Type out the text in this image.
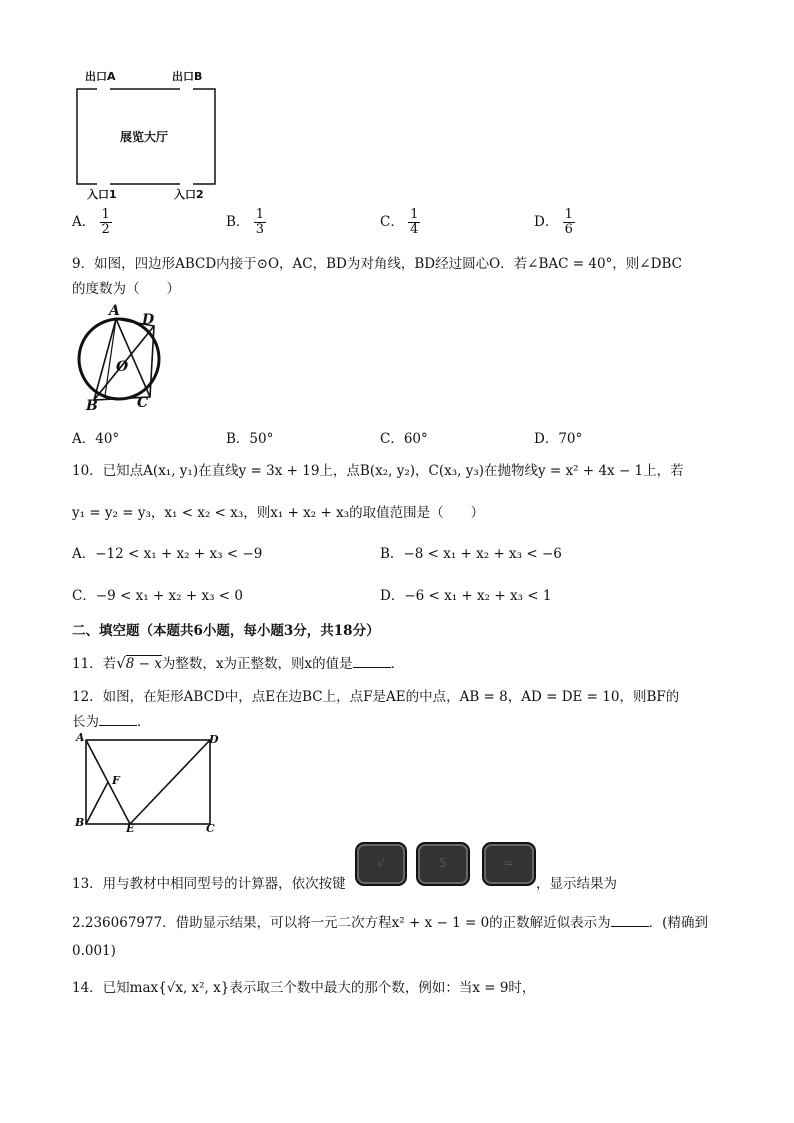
出口A	出口B
展览大厅
入口1	入口2
A． $\frac{1}{2}$	B． $\frac{1}{3}$	C． $\frac{1}{4}$	D． $\frac{1}{6}$
9．如图，四边形ABCD内接于⊙O，AC，BD为对角线，BD经过圆心O．若∠BAC = 40°，则∠DBC
的度数为（　　）
A
D
O
B	C
A．40°	B．50°	C．60°	D．70°
10．已知点A(x₁, y₁)在直线y = 3x + 19上，点B(x₂, y₂)，C(x₃, y₃)在抛物线y = x² + 4x − 1上，若
y₁ = y₂ = y₃，x₁ < x₂ < x₃，则x₁ + x₂ + x₃的取值范围是（　　）
A．−12 < x₁ + x₂ + x₃ < −9	B．−8 < x₁ + x₂ + x₃ < −6
C．−9 < x₁ + x₂ + x₃ < 0	D．−6 < x₁ + x₂ + x₃ < 1
二、填空题（本题共6小题，每小题3分，共18分）
11．若√8 − x为整数，x为正整数，则x的值是	．
12．如图，在矩形ABCD中，点E在边BC上，点F是AE的中点，AB = 8，AD = DE = 10，则BF的
长为	．
A	D
F
B	E	C
13．用与教材中相同型号的计算器，依次按键
√	5	=
，显示结果为
2.236067977．借助显示结果，可以将一元二次方程x² + x − 1 = 0的正数解近似表示为	．(精确到
0.001)
14．已知max{√x, x², x}表示取三个数中最大的那个数，例如：当x = 9时，
